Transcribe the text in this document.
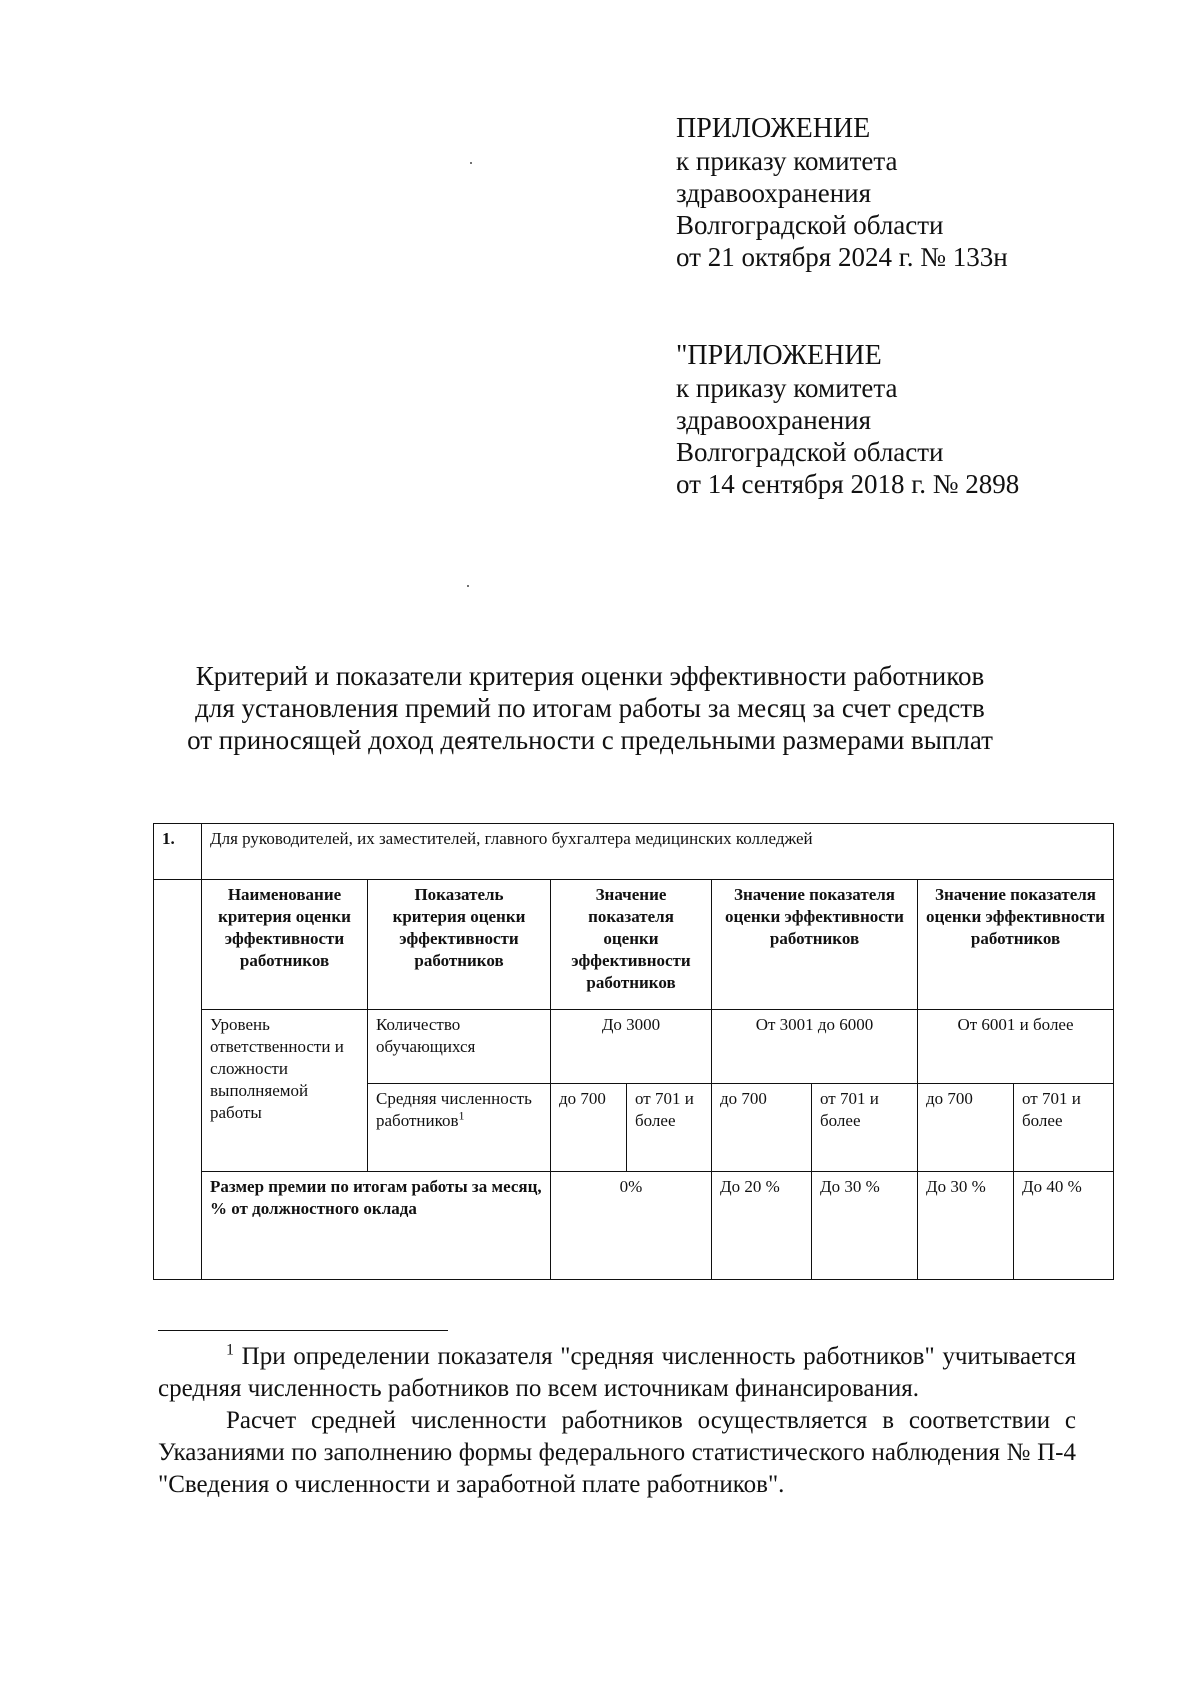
ПРИЛОЖЕНИЕ
к приказу комитета
здравоохранения
Волгоградской области
от 21 октября 2024 г. № 133н
"ПРИЛОЖЕНИЕ
к приказу комитета
здравоохранения
Волгоградской области
от 14 сентября 2018 г. № 2898
Критерий и показатели критерия оценки эффективности работников
для установления премий по итогам работы за месяц за счет средств
от приносящей доход деятельности с предельными размерами выплат
1.	Для руководителей, их заместителей, главного бухгалтера медицинских колледжей							
	Наименование критерия оценки эффективности работников	Показатель критерия оценки эффективности работников	Значение показателя оценки эффективности работников		Значение показателя оценки эффективности работников		Значение показателя оценки эффективности работников	
	Уровень ответственности и сложности выполняемой работы	Количество обучающихся	До 3000		От 3001 до 6000		От 6001 и более	
		Средняя численность работников$^1$	до 700	от 701 и более	до 700	от 701 и более	до 700	от 701 и более
	Размер премии по итогам работы за месяц, % от должностного оклада		0%		До 20 %	До 30 %	До 30 %	До 40 %

$^1$ При определении показателя "средняя численность работников" учитывается средняя численность работников по всем источникам финансирования.

Расчет средней численности работников осуществляется в соответствии с Указаниями по заполнению формы федерального статистического наблюдения № П-4 "Сведения о численности и заработной плате работников".
